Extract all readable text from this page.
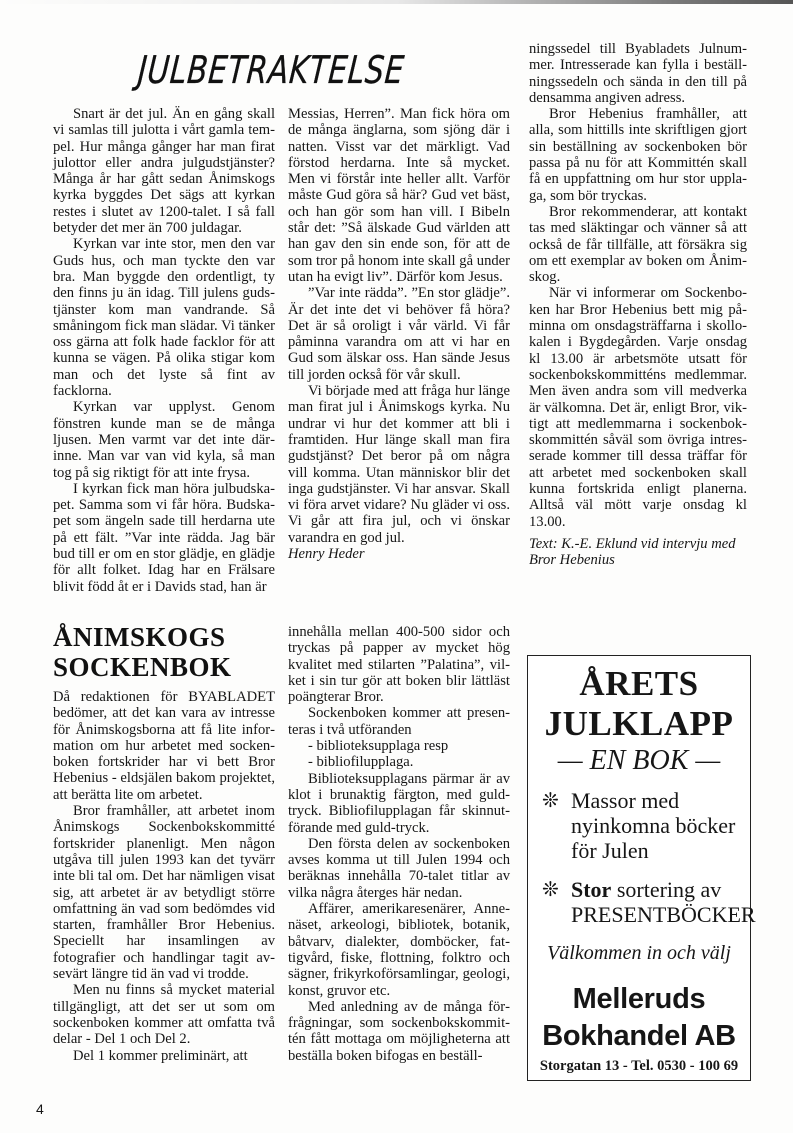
JULBETRAKTELSE

Snart är det jul. Än en gång skall vi samlas till julotta i vårt gamla tempel. Hur många gånger har man firat julottor eller andra julgudstjänster? Många år har gått sedan Ånimskogs kyrka byggdes Det sägs att kyrkan restes i slutet av 1200-talet. I så fall betyder det mer än 700 juldagar.

Kyrkan var inte stor, men den var Guds hus, och man tyckte den var bra. Man byggde den ordentligt, ty den finns ju än idag. Till julens gudstjänster kom man vandrande. Så småningom fick man slädar. Vi tänker oss gärna att folk hade facklor för att kunna se vägen. På olika stigar kom man och det lyste så fint av facklorna.

Kyrkan var upplyst. Genom fönstren kunde man se de många ljusen. Men varmt var det inte därinne. Man var van vid kyla, så man tog på sig riktigt för att inte frysa.

I kyrkan fick man höra julbudskapet. Samma som vi får höra. Budskapet som ängeln sade till herdarna ute på ett fält. ”Var inte rädda. Jag bär bud till er om en stor glädje, en glädje för allt folket. Idag har en Frälsare blivit född åt er i Davids stad, han är

Messias, Herren”. Man fick höra om de många änglarna, som sjöng där i natten. Visst var det märkligt. Vad förstod herdarna. Inte så mycket. Men vi förstår inte heller allt. Varför måste Gud göra så här? Gud vet bäst, och han gör som han vill. I Bibeln står det: ”Så älskade Gud världen att han gav den sin ende son, för att de som tror på honom inte skall gå under utan ha evigt liv”. Därför kom Jesus.

”Var inte rädda”. ”En stor glädje”. Är det inte det vi behöver få höra? Det är så oroligt i vår värld. Vi får påminna varandra om att vi har en Gud som älskar oss. Han sände Jesus till jorden också för vår skull.

Vi började med att fråga hur länge man firat jul i Ånimskogs kyrka. Nu undrar vi hur det kommer att bli i framtiden. Hur länge skall man fira gudstjänst? Det beror på om några vill komma. Utan människor blir det inga gudstjänster. Vi har ansvar. Skall vi föra arvet vidare? Nu gläder vi oss. Vi går att fira jul, och vi önskar varandra en god jul.

Henry Heder

ÅNIMSKOGS
SOCKENBOK

Då redaktionen för BYABLADET bedömer, att det kan vara av intresse för Ånimskogsborna att få lite information om hur arbetet med sockenboken fortskrider har vi bett Bror Hebenius - eldsjälen bakom projektet, att berätta lite om arbetet.

Bror framhåller, att arbetet inom Ånimskogs Sockenbokskommitté fortskrider planenligt. Men någon utgåva till julen 1993 kan det tyvärr inte bli tal om. Det har nämligen visat sig, att arbetet är av betydligt större omfattning än vad som bedömdes vid starten, framhåller Bror Hebenius. Speciellt har insamlingen av fotografier och handlingar tagit avsevärt längre tid än vad vi trodde.

Men nu finns så mycket material tillgängligt, att det ser ut som om sockenboken kommer att omfatta två delar - Del 1 och Del 2.

Del 1 kommer preliminärt, att

innehålla mellan 400-500 sidor och tryckas på papper av mycket hög kvalitet med stilarten ”Palatina”, vilket i sin tur gör att boken blir lättläst poängterar Bror.

Sockenboken kommer att presenteras i två utföranden

- biblioteksupplaga resp

- bibliofilupplaga.

Biblioteksupplagans pärmar är av klot i brunaktig färgton, med guldtryck. Bibliofilupplagan får skinnutförande med guld-tryck.

Den första delen av sockenboken avses komma ut till Julen 1994 och beräknas innehålla 70-talet titlar av vilka några återges här nedan.

Affärer, amerikaresenärer, Annenäset, arkeologi, bibliotek, botanik, båtvarv, dialekter, domböcker, fattigvård, fiske, flottning, folktro och sägner, frikyrkoförsamlingar, geologi, konst, gruvor etc.

Med anledning av de många förfrågningar, som sockenbokskommittén fått mottaga om möjligheterna att beställa boken bifogas en beställ-

ningssedel till Byabladets Julnummer. Intresserade kan fylla i beställningssedeln och sända in den till på densamma angiven adress.

Bror Hebenius framhåller, att alla, som hittills inte skriftligen gjort sin beställning av sockenboken bör passa på nu för att Kommittén skall få en uppfattning om hur stor upplaga, som bör tryckas.

Bror rekommenderar, att kontakt tas med släktingar och vänner så att också de får tillfälle, att försäkra sig om ett exemplar av boken om Ånimskog.

När vi informerar om Sockenboken har Bror Hebenius bett mig påminna om onsdagsträffarna i skollokalen i Bygdegården. Varje onsdag kl 13.00 är arbetsmöte utsatt för sockenbokskommitténs medlemmar. Men även andra som vill medverka är välkomna. Det är, enligt Bror, viktigt att medlemmarna i sockenbokskommittén såväl som övriga intresserade kommer till dessa träffar för att arbetet med sockenboken skall kunna fortskrida enligt planerna. Alltså väl mött varje onsdag kl 13.00.

Text: K.-E. Eklund vid intervju med Bror Hebenius

ÅRETS
JULKLAPP
— EN BOK —
❊ Massor med nyinkomna böcker för Julen
❊ Stor sortering av PRESENTBÖCKER
Välkommen in och välj
Melleruds
Bokhandel AB
Storgatan 13 - Tel. 0530 - 100 69
4
